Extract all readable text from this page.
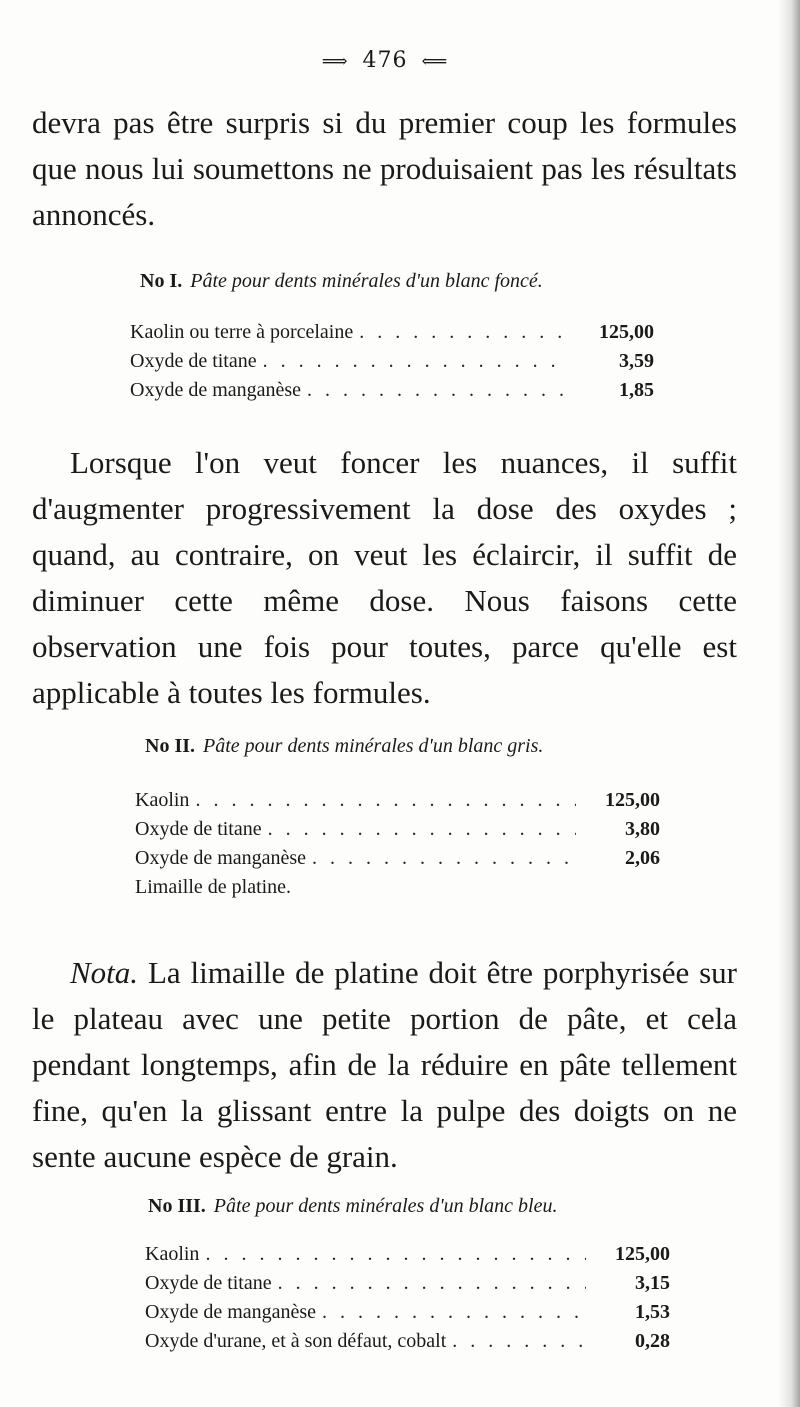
⟹ 476 ⟸

devra pas être surpris si du premier coup les formules que nous lui soumettons ne produisaient pas les résultats annoncés.

No I. Pâte pour dents minérales d'un blanc foncé.

Kaolin ou terre à porcelaine . . .	125,00
Oxyde de titane . . .	3,59
Oxyde de manganèse . . .	1,85

Lorsque l'on veut foncer les nuances, il suffit d'augmenter progressivement la dose des oxydes ; quand, au contraire, on veut les éclaircir, il suffit de diminuer cette même dose. Nous faisons cette observation une fois pour toutes, parce qu'elle est applicable à toutes les formules.

No II. Pâte pour dents minérales d'un blanc gris.

Kaolin . . .	125,00
Oxyde de titane . . .	3,80
Oxyde de manganèse . . .	2,06
Limaille de platine.

Nota. La limaille de platine doit être porphyrisée sur le plateau avec une petite portion de pâte, et cela pendant longtemps, afin de la réduire en pâte tellement fine, qu'en la glissant entre la pulpe des doigts on ne sente aucune espèce de grain.

No III. Pâte pour dents minérales d'un blanc bleu.

Kaolin . . .	125,00
Oxyde de titane . . .	3,15
Oxyde de manganèse . . .	1,53
Oxyde d'urane, et à son défaut, cobalt . . .	0,28
